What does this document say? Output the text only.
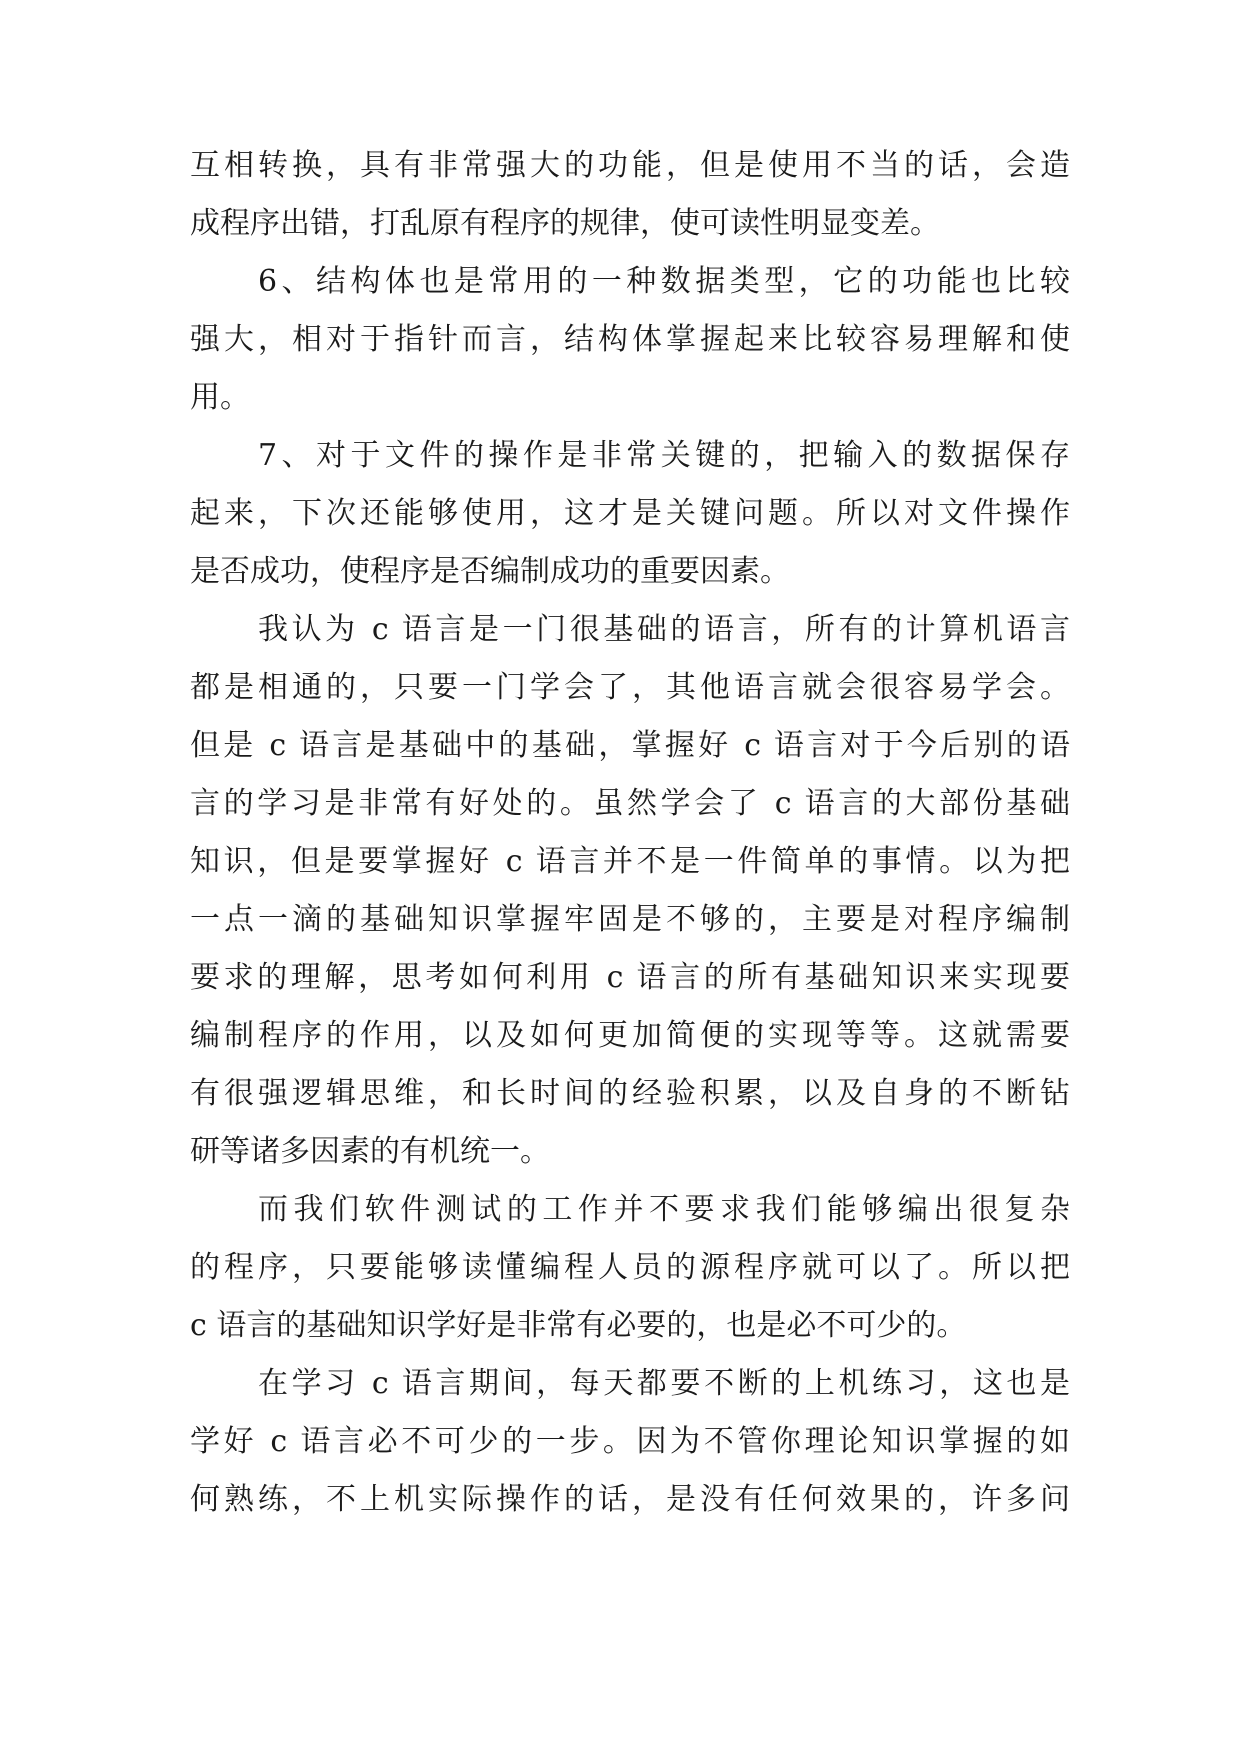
互相转换，具有非常强大的功能，但是使用不当的话，会造
成程序出错，打乱原有程序的规律，使可读性明显变差。
6、结构体也是常用的一种数据类型，它的功能也比较
强大，相对于指针而言，结构体掌握起来比较容易理解和使
用。
7、对于文件的操作是非常关键的，把输入的数据保存
起来，下次还能够使用，这才是关键问题。所以对文件操作
是否成功，使程序是否编制成功的重要因素。
我认为 c 语言是一门很基础的语言，所有的计算机语言
都是相通的，只要一门学会了，其他语言就会很容易学会。
但是 c 语言是基础中的基础，掌握好 c 语言对于今后别的语
言的学习是非常有好处的。虽然学会了 c 语言的大部份基础
知识，但是要掌握好 c 语言并不是一件简单的事情。以为把
一点一滴的基础知识掌握牢固是不够的，主要是对程序编制
要求的理解，思考如何利用 c 语言的所有基础知识来实现要
编制程序的作用，以及如何更加简便的实现等等。这就需要
有很强逻辑思维，和长时间的经验积累，以及自身的不断钻
研等诸多因素的有机统一。
而我们软件测试的工作并不要求我们能够编出很复杂
的程序，只要能够读懂编程人员的源程序就可以了。所以把
c 语言的基础知识学好是非常有必要的，也是必不可少的。
在学习 c 语言期间，每天都要不断的上机练习，这也是
学好 c 语言必不可少的一步。因为不管你理论知识掌握的如
何熟练，不上机实际操作的话，是没有任何效果的，许多问
